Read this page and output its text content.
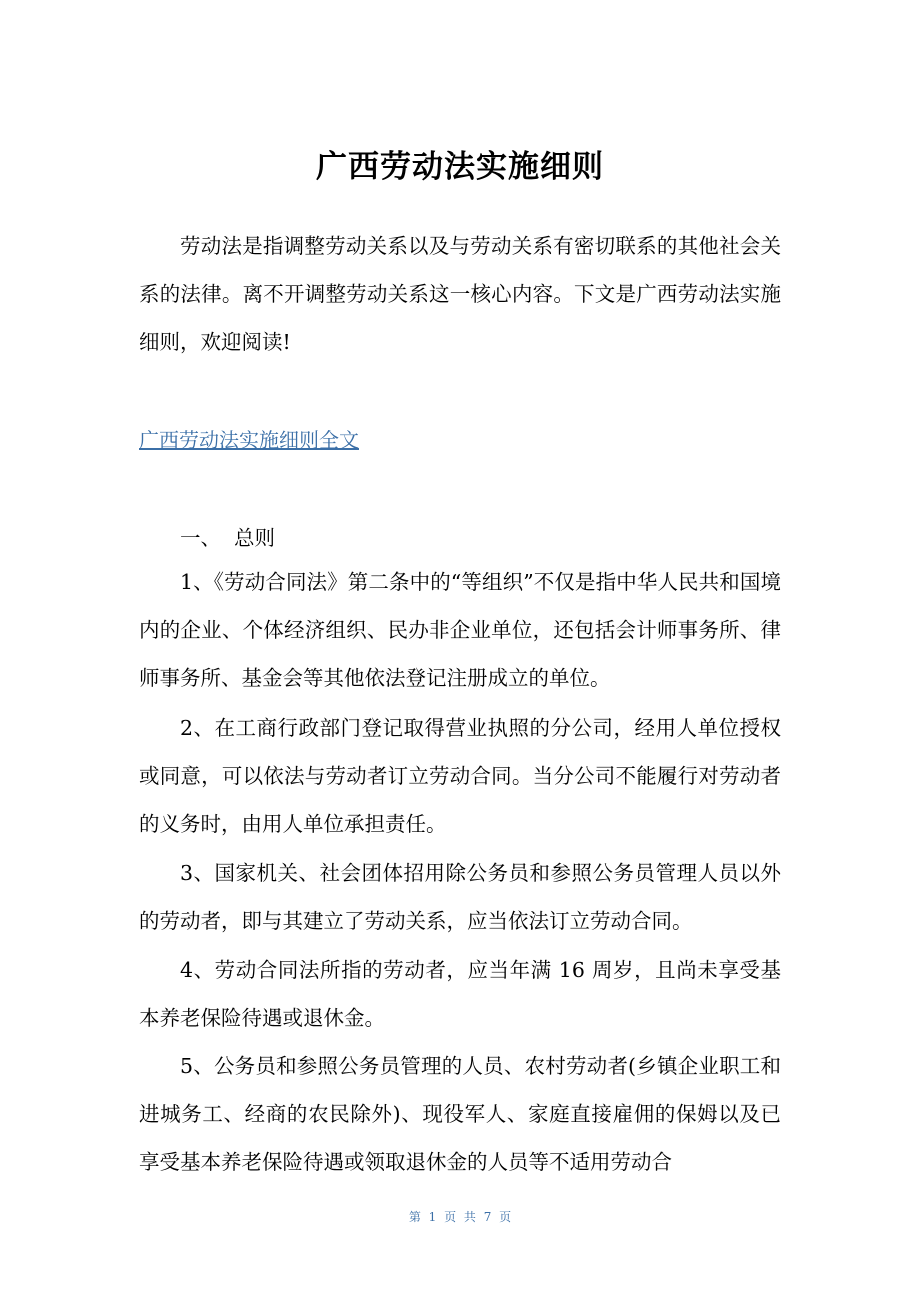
广西劳动法实施细则

劳动法是指调整劳动关系以及与劳动关系有密切联系的其他社会关系的法律。离不开调整劳动关系这一核心内容。下文是广西劳动法实施细则，欢迎阅读!

广西劳动法实施细则全文
一、  总则

1、《劳动合同法》第二条中的“等组织”不仅是指中华人民共和国境内的企业、个体经济组织、民办非企业单位，还包括会计师事务所、律师事务所、基金会等其他依法登记注册成立的单位。

2、在工商行政部门登记取得营业执照的分公司，经用人单位授权或同意，可以依法与劳动者订立劳动合同。当分公司不能履行对劳动者的义务时，由用人单位承担责任。

3、国家机关、社会团体招用除公务员和参照公务员管理人员以外的劳动者，即与其建立了劳动关系，应当依法订立劳动合同。

4、劳动合同法所指的劳动者，应当年满 16 周岁，且尚未享受基本养老保险待遇或退休金。

5、公务员和参照公务员管理的人员、农村劳动者(乡镇企业职工和进城务工、经商的农民除外)、现役军人、家庭直接雇佣的保姆以及已享受基本养老保险待遇或领取退休金的人员等不适用劳动合

第 1 页 共 7 页
